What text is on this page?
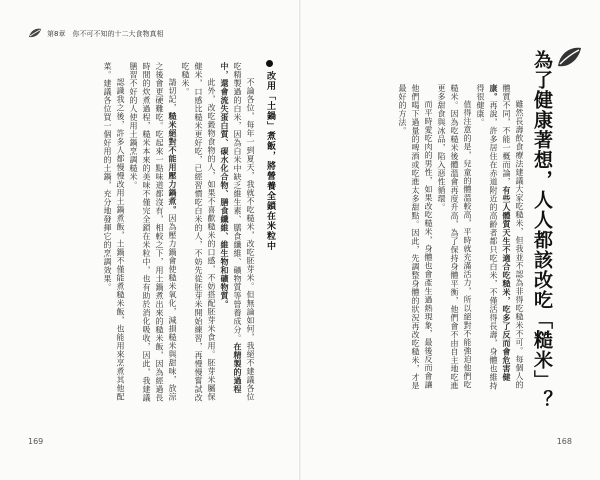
第8章　你不可不知的十二大食物真相
改用「土鍋」煮飯，將營養全鎖在米粒中

不論各位，每年一到夏天，我就不吃糙米，改吃胚芽米。但無論如何，我絕不建議各位吃精製過的白米，因為白米中缺乏維生素、膳食纖維、礦物質等營養成分。在精製的過程中，還會流失蛋白質、碳水化合物、膳食纖維、維生物和礦物質。

此外，改吃穀物食物的人，如果不喜歡糙米的口感，不妨搭配胚芽米食用。胚芽米屬保健米，口感比糙米更好吃，已經習慣吃白米的人，不妨先從胚芽米開始練習，再慢慢嘗試改吃糙米。

請切記，糙米絕對不能用壓力鍋煮。因為壓力鍋會使糙米氧化，減損糙米與甜味，放涼之後會更硬難吃。吃起來一點味道都沒有，相較之下，用土鍋煮出來的糙米飯，因為經過長時間的炊煮過程，糙米本來的美味不僅完全鎖在米粒中，也有助於消化吸收，因此，我建議膳習不好的人使用土鍋烹調糙米。

認識我之後，許多人都慢慢改用土鍋煮飯，土鍋不僅能煮糙米飯，也能用來烹煮其他配菜。建議各位買一個好用的土鍋，充分地發揮它的烹調效果。

169
為了健康著想，人人都該改吃「糙米」？

雖然長壽飲食療法建議大家吃糙米，但我並不認為非得吃糙米不可。每個人的體質不同，不能一概而論，有些人體質天生不適合吃糙米，吃多了反而會危害健康。再說，許多居住在赤道附近的高齡者都只吃白米，不僅活得長壽，身體也維持得很健康。

值得注意的是，兒童的體溫較高，平時就充滿活力，所以絕對不能強迫他們吃糙米。因為吃糙米後體溫會再度升高，為了保持身體平衡，他們會不由自主地吃進更多甜食與冰品，陷入惡性循環。

而平時愛吃肉的男性，如果改吃糙米，身體也會產生過熱現象，最後反而會讓他們喝下過量的啤酒或吃進太多甜點。因此，先調整身體的狀況再改吃糙米，才是最好的方法。

168
